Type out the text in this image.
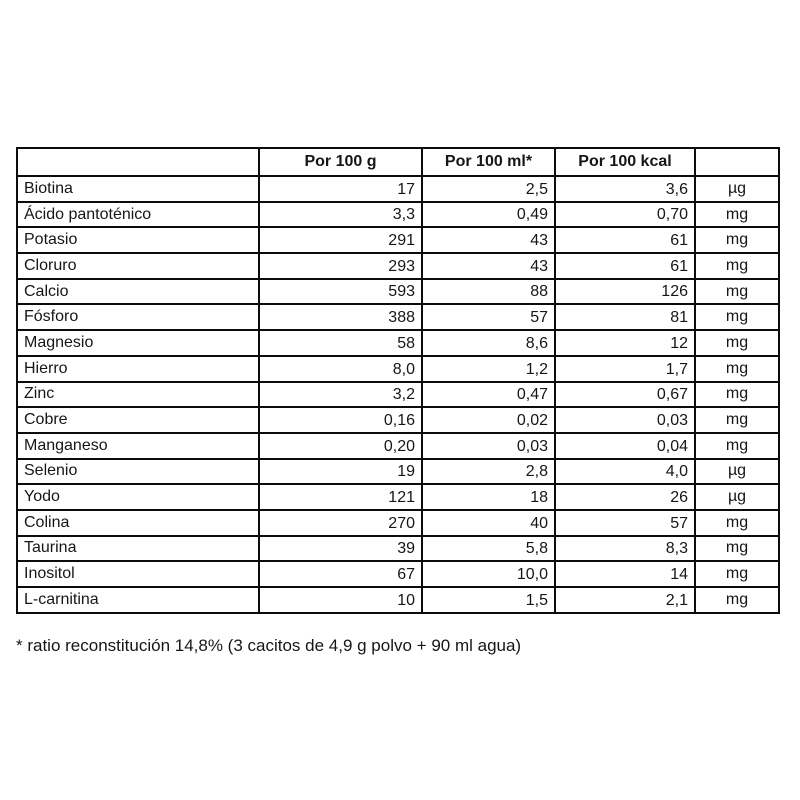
	Por 100 g	Por 100 ml*	Por 100 kcal	
Biotina	17	2,5	3,6	µg
Ácido pantoténico	3,3	0,49	0,70	mg
Potasio	291	43	61	mg
Cloruro	293	43	61	mg
Calcio	593	88	126	mg
Fósforo	388	57	81	mg
Magnesio	58	8,6	12	mg
Hierro	8,0	1,2	1,7	mg
Zinc	3,2	0,47	0,67	mg
Cobre	0,16	0,02	0,03	mg
Manganeso	0,20	0,03	0,04	mg
Selenio	19	2,8	4,0	µg
Yodo	121	18	26	µg
Colina	270	40	57	mg
Taurina	39	5,8	8,3	mg
Inositol	67	10,0	14	mg
L-carnitina	10	1,5	2,1	mg
* ratio reconstitución 14,8% (3 cacitos de 4,9 g polvo + 90 ml agua)
